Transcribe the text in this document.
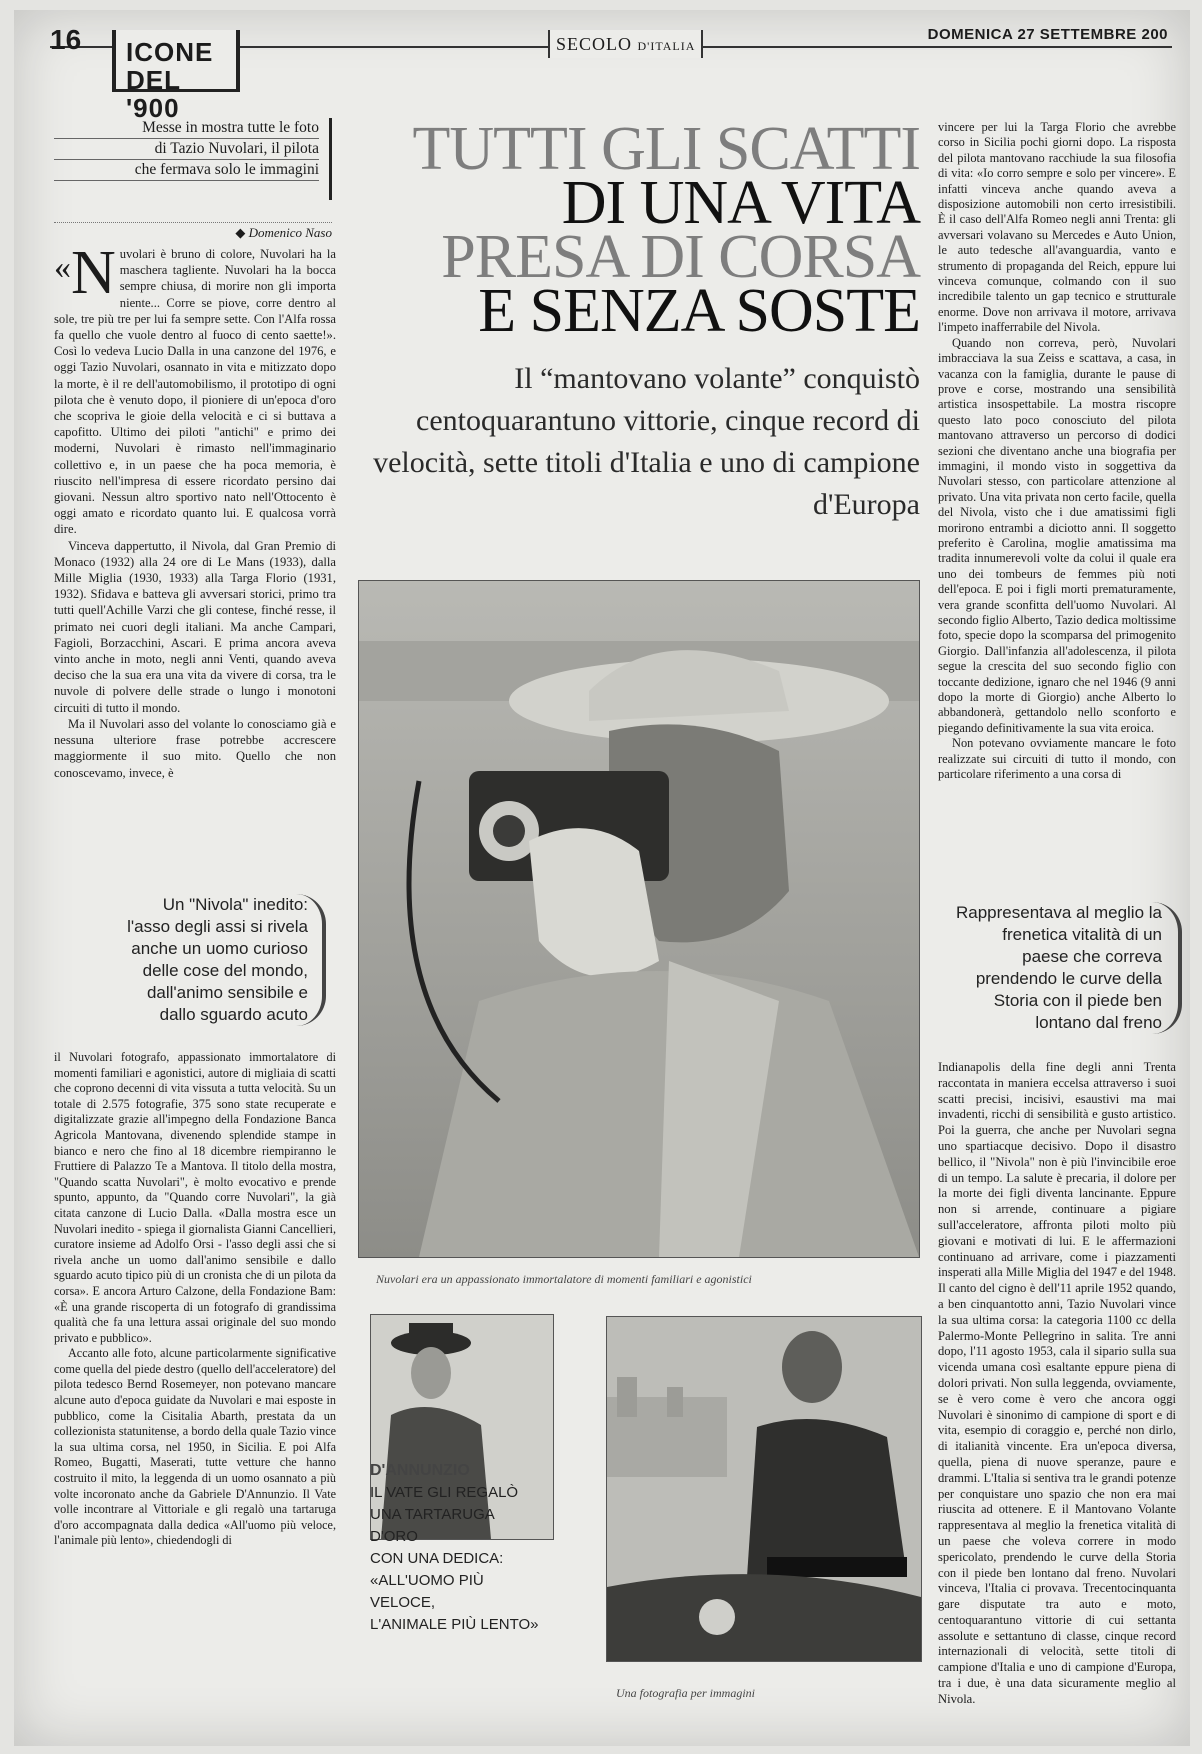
16 ICONE
DEL '900
SECOLO D'ITALIA
DOMENICA 27 SETTEMBRE 200
Messe in mostra tutte le foto
di Tazio Nuvolari, il pilota
che fermava solo le immagini
◆ Domenico Naso

« N uvolari è bruno di colore, Nuvolari ha la maschera tagliente. Nuvolari ha la bocca sempre chiusa, di morire non gli importa niente... Corre se piove, corre dentro al sole, tre più tre per lui fa sempre sette. Con l'Alfa rossa fa quello che vuole dentro al fuoco di cento saette!». Così lo vedeva Lucio Dalla in una canzone del 1976, e oggi Tazio Nuvolari, osannato in vita e mitizzato dopo la morte, è il re dell'automobilismo, il prototipo di ogni pilota che è venuto dopo, il pioniere di un'epoca d'oro che scopriva le gioie della velocità e ci si buttava a capofitto. Ultimo dei piloti "antichi" e primo dei moderni, Nuvolari è rimasto nell'immaginario collettivo e, in un paese che ha poca memoria, è riuscito nell'impresa di essere ricordato persino dai giovani. Nessun altro sportivo nato nell'Ottocento è oggi amato e ricordato quanto lui. E qualcosa vorrà dire.

Vinceva dappertutto, il Nivola, dal Gran Premio di Monaco (1932) alla 24 ore di Le Mans (1933), dalla Mille Miglia (1930, 1933) alla Targa Florio (1931, 1932). Sfidava e batteva gli avversari storici, primo tra tutti quell'Achille Varzi che gli contese, finché resse, il primato nei cuori degli italiani. Ma anche Campari, Fagioli, Borzacchini, Ascari. E prima ancora aveva vinto anche in moto, negli anni Venti, quando aveva deciso che la sua era una vita da vivere di corsa, tra le nuvole di polvere delle strade o lungo i monotoni circuiti di tutto il mondo.

Ma il Nuvolari asso del volante lo conosciamo già e nessuna ulteriore frase potrebbe accrescere maggiormente il suo mito. Quello che non conoscevamo, invece, è

Un "Nivola" inedito: l'asso degli assi si rivela anche un uomo curioso delle cose del mondo, dall'animo sensibile e dallo sguardo acuto

il Nuvolari fotografo, appassionato immortalatore di momenti familiari e agonistici, autore di migliaia di scatti che coprono decenni di vita vissuta a tutta velocità. Su un totale di 2.575 fotografie, 375 sono state recuperate e digitalizzate grazie all'impegno della Fondazione Banca Agricola Mantovana, divenendo splendide stampe in bianco e nero che fino al 18 dicembre riempiranno le Fruttiere di Palazzo Te a Mantova. Il titolo della mostra, "Quando scatta Nuvolari", è molto evocativo e prende spunto, appunto, da "Quando corre Nuvolari", la già citata canzone di Lucio Dalla. «Dalla mostra esce un Nuvolari inedito - spiega il giornalista Gianni Cancellieri, curatore insieme ad Adolfo Orsi - l'asso degli assi che si rivela anche un uomo dall'animo sensibile e dallo sguardo acuto tipico più di un cronista che di un pilota da corsa». E ancora Arturo Calzone, della Fondazione Bam: «È una grande riscoperta di un fotografo di grandissima qualità che fa una lettura assai originale del suo mondo privato e pubblico».

Accanto alle foto, alcune particolarmente significative come quella del piede destro (quello dell'acceleratore) del pilota tedesco Bernd Rosemeyer, non potevano mancare alcune auto d'epoca guidate da Nuvolari e mai esposte in pubblico, come la Cisitalia Abarth, prestata da un collezionista statunitense, a bordo della quale Tazio vince la sua ultima corsa, nel 1950, in Sicilia. E poi Alfa Romeo, Bugatti, Maserati, tutte vetture che hanno costruito il mito, la leggenda di un uomo osannato a più volte incoronato anche da Gabriele D'Annunzio. Il Vate volle incontrare al Vittoriale e gli regalò una tartaruga d'oro accompagnata dalla dedica «All'uomo più veloce, l'animale più lento», chiedendogli di

TUTTI GLI SCATTI
DI UNA VITA
PRESA DI CORSA
E SENZA SOSTE
Il “mantovano volante” conquistò centoquarantuno vittorie, cinque record di velocità, sette titoli d'Italia e uno di campione d'Europa
Nuvolari era un appassionato immortalatore di momenti familiari e agonistici
D'ANNUNZIO
IL VATE GLI REGALÒ
UNA TARTARUGA D'ORO
CON UNA DEDICA:
«ALL'UOMO PIÙ VELOCE,
L'ANIMALE PIÙ LENTO»
Una fotografia per immagini

vincere per lui la Targa Florio che avrebbe corso in Sicilia pochi giorni dopo. La risposta del pilota mantovano racchiude la sua filosofia di vita: «Io corro sempre e solo per vincere». E infatti vinceva anche quando aveva a disposizione automobili non certo irresistibili. È il caso dell'Alfa Romeo negli anni Trenta: gli avversari volavano su Mercedes e Auto Union, le auto tedesche all'avanguardia, vanto e strumento di propaganda del Reich, eppure lui vinceva comunque, colmando con il suo incredibile talento un gap tecnico e strutturale enorme. Dove non arrivava il motore, arrivava l'impeto inafferrabile del Nivola.

Quando non correva, però, Nuvolari imbracciava la sua Zeiss e scattava, a casa, in vacanza con la famiglia, durante le pause di prove e corse, mostrando una sensibilità artistica insospettabile. La mostra riscopre questo lato poco conosciuto del pilota mantovano attraverso un percorso di dodici sezioni che diventano anche una biografia per immagini, il mondo visto in soggettiva da Nuvolari stesso, con particolare attenzione al privato. Una vita privata non certo facile, quella del Nivola, visto che i due amatissimi figli morirono entrambi a diciotto anni. Il soggetto preferito è Carolina, moglie amatissima ma tradita innumerevoli volte da colui il quale era uno dei tombeurs de femmes più noti dell'epoca. E poi i figli morti prematuramente, vera grande sconfitta dell'uomo Nuvolari. Al secondo figlio Alberto, Tazio dedica moltissime foto, specie dopo la scomparsa del primogenito Giorgio. Dall'infanzia all'adolescenza, il pilota segue la crescita del suo secondo figlio con toccante dedizione, ignaro che nel 1946 (9 anni dopo la morte di Giorgio) anche Alberto lo abbandonerà, gettandolo nello sconforto e piegando definitivamente la sua vita eroica.

Non potevano ovviamente mancare le foto realizzate sui circuiti di tutto il mondo, con particolare riferimento a una corsa di

Rappresentava al meglio la frenetica vitalità di un paese che correva prendendo le curve della Storia con il piede ben lontano dal freno

Indianapolis della fine degli anni Trenta raccontata in maniera eccelsa attraverso i suoi scatti precisi, incisivi, esaustivi ma mai invadenti, ricchi di sensibilità e gusto artistico. Poi la guerra, che anche per Nuvolari segna uno spartiacque decisivo. Dopo il disastro bellico, il "Nivola" non è più l'invincibile eroe di un tempo. La salute è precaria, il dolore per la morte dei figli diventa lancinante. Eppure non si arrende, continuare a pigiare sull'acceleratore, affronta piloti molto più giovani e motivati di lui. E le affermazioni continuano ad arrivare, come i piazzamenti insperati alla Mille Miglia del 1947 e del 1948. Il canto del cigno è dell'11 aprile 1952 quando, a ben cinquantotto anni, Tazio Nuvolari vince la sua ultima corsa: la categoria 1100 cc della Palermo-Monte Pellegrino in salita. Tre anni dopo, l'11 agosto 1953, cala il sipario sulla sua vicenda umana così esaltante eppure piena di dolori privati. Non sulla leggenda, ovviamente, se è vero come è vero che ancora oggi Nuvolari è sinonimo di campione di sport e di vita, esempio di coraggio e, perché non dirlo, di italianità vincente. Era un'epoca diversa, quella, piena di nuove speranze, paure e drammi. L'Italia si sentiva tra le grandi potenze per conquistare uno spazio che non era mai riuscita ad ottenere. E il Mantovano Volante rappresentava al meglio la frenetica vitalità di un paese che voleva correre in modo spericolato, prendendo le curve della Storia con il piede ben lontano dal freno. Nuvolari vinceva, l'Italia ci provava. Trecentocinquanta gare disputate tra auto e moto, centoquarantuno vittorie di cui settanta assolute e settantuno di classe, cinque record internazionali di velocità, sette titoli di campione d'Italia e uno di campione d'Europa, tra i due, è una data sicuramente meglio al Nivola.
